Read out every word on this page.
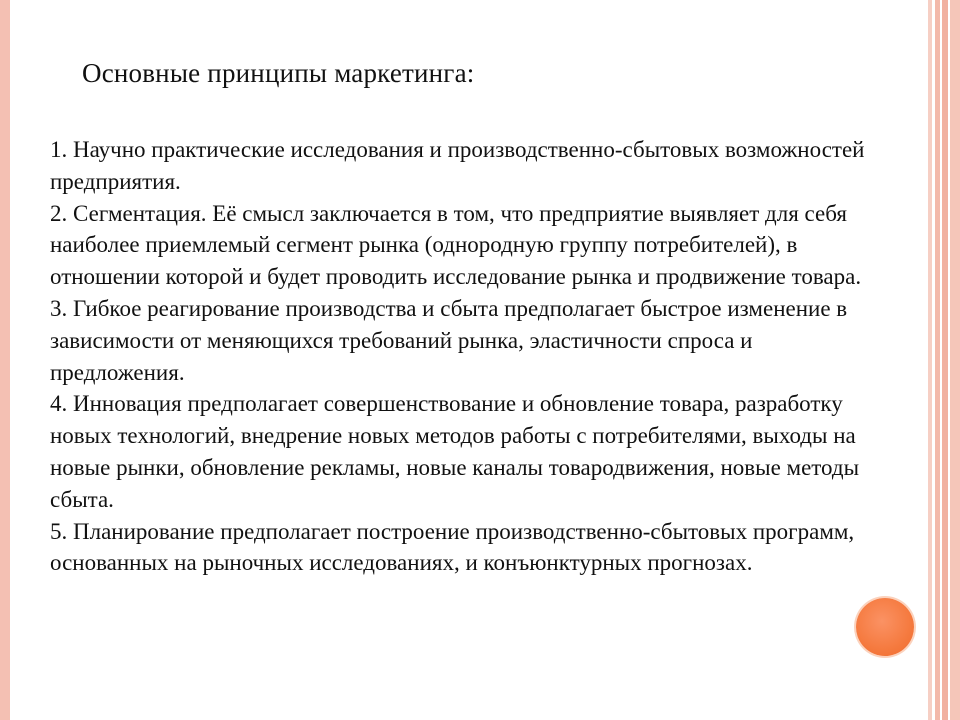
Основные принципы маркетинга:

1. Научно практические исследования и производственно-сбытовых возможностей предприятия.

2. Сегментация. Её смысл заключается в том, что предприятие выявляет для себя наиболее приемлемый сегмент рынка (однородную группу потребителей), в отношении которой и будет проводить исследование рынка и продвижение товара.

3. Гибкое реагирование производства и сбыта предполагает быстрое изменение в зависимости от меняющихся требований рынка, эластичности спроса и предложения.

4. Инновация предполагает совершенствование и обновление товара, разработку новых технологий, внедрение новых методов работы с потребителями, выходы на новые рынки, обновление рекламы, новые каналы товародвижения, новые методы сбыта.

5. Планирование предполагает построение производственно-сбытовых программ, основанных на рыночных исследованиях, и конъюнктурных прогнозах.
